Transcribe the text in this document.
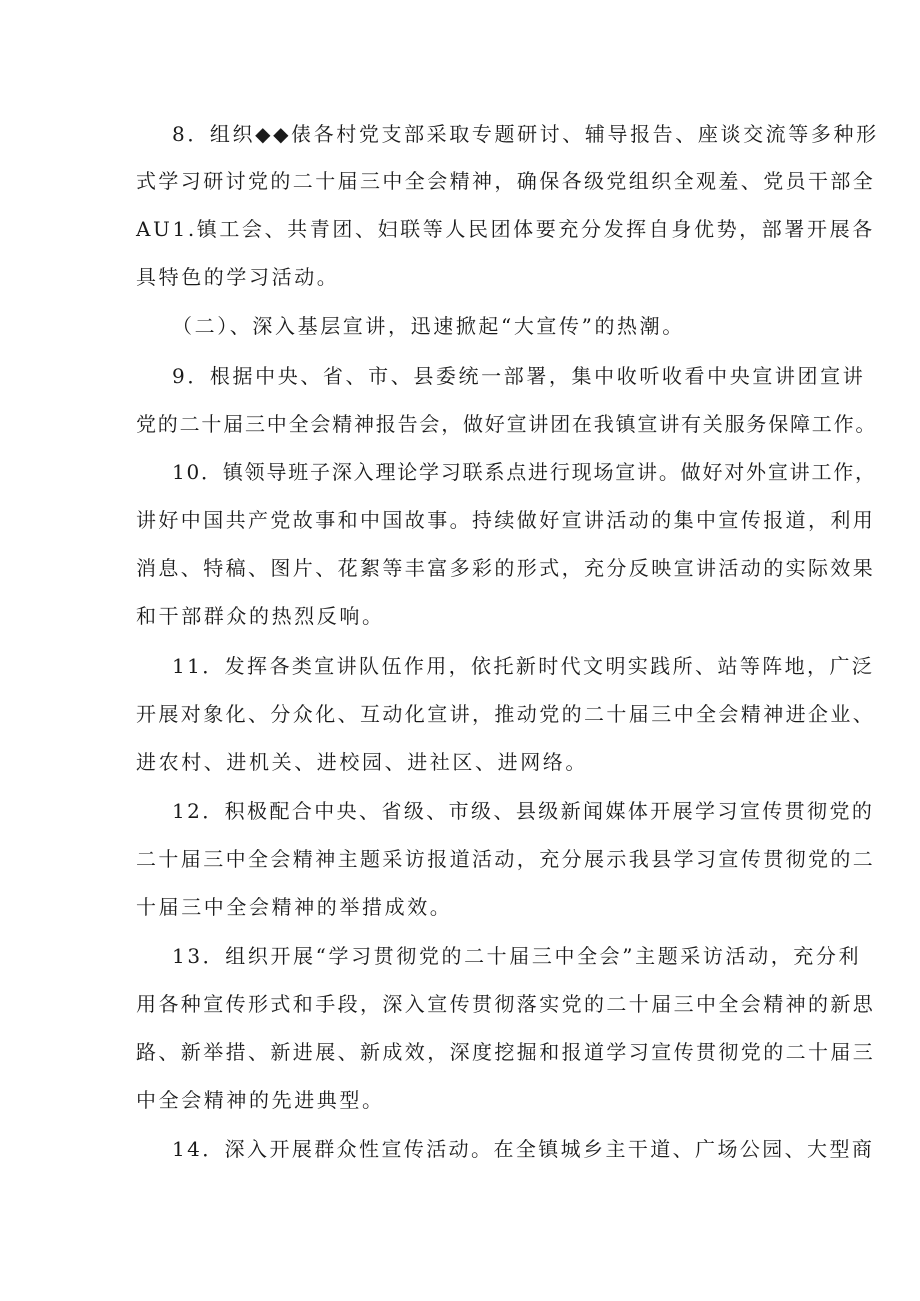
8．组织◆◆俵各村党支部采取专题研讨、辅导报告、座谈交流等多种形
式学习研讨党的二十届三中全会精神，确保各级党组织全观羞、党员干部全
AU1.镇工会、共青团、妇联等人民团体要充分发挥自身优势，部署开展各
具特色的学习活动。
（二）、深入基层宣讲，迅速掀起“大宣传”的热潮。
9．根据中央、省、市、县委统一部署，集中收听收看中央宣讲团宣讲
党的二十届三中全会精神报告会，做好宣讲团在我镇宣讲有关服务保障工作。
10．镇领导班子深入理论学习联系点进行现场宣讲。做好对外宣讲工作，
讲好中国共产党故事和中国故事。持续做好宣讲活动的集中宣传报道，利用
消息、特稿、图片、花絮等丰富多彩的形式，充分反映宣讲活动的实际效果
和干部群众的热烈反响。
11．发挥各类宣讲队伍作用，依托新时代文明实践所、站等阵地，广泛
开展对象化、分众化、互动化宣讲，推动党的二十届三中全会精神进企业、
进农村、进机关、进校园、进社区、进网络。
12．积极配合中央、省级、市级、县级新闻媒体开展学习宣传贯彻党的
二十届三中全会精神主题采访报道活动，充分展示我县学习宣传贯彻党的二
十届三中全会精神的举措成效。
13．组织开展“学习贯彻党的二十届三中全会”主题采访活动，充分利
用各种宣传形式和手段，深入宣传贯彻落实党的二十届三中全会精神的新思
路、新举措、新进展、新成效，深度挖掘和报道学习宣传贯彻党的二十届三
中全会精神的先进典型。
14．深入开展群众性宣传活动。在全镇城乡主干道、广场公园、大型商
